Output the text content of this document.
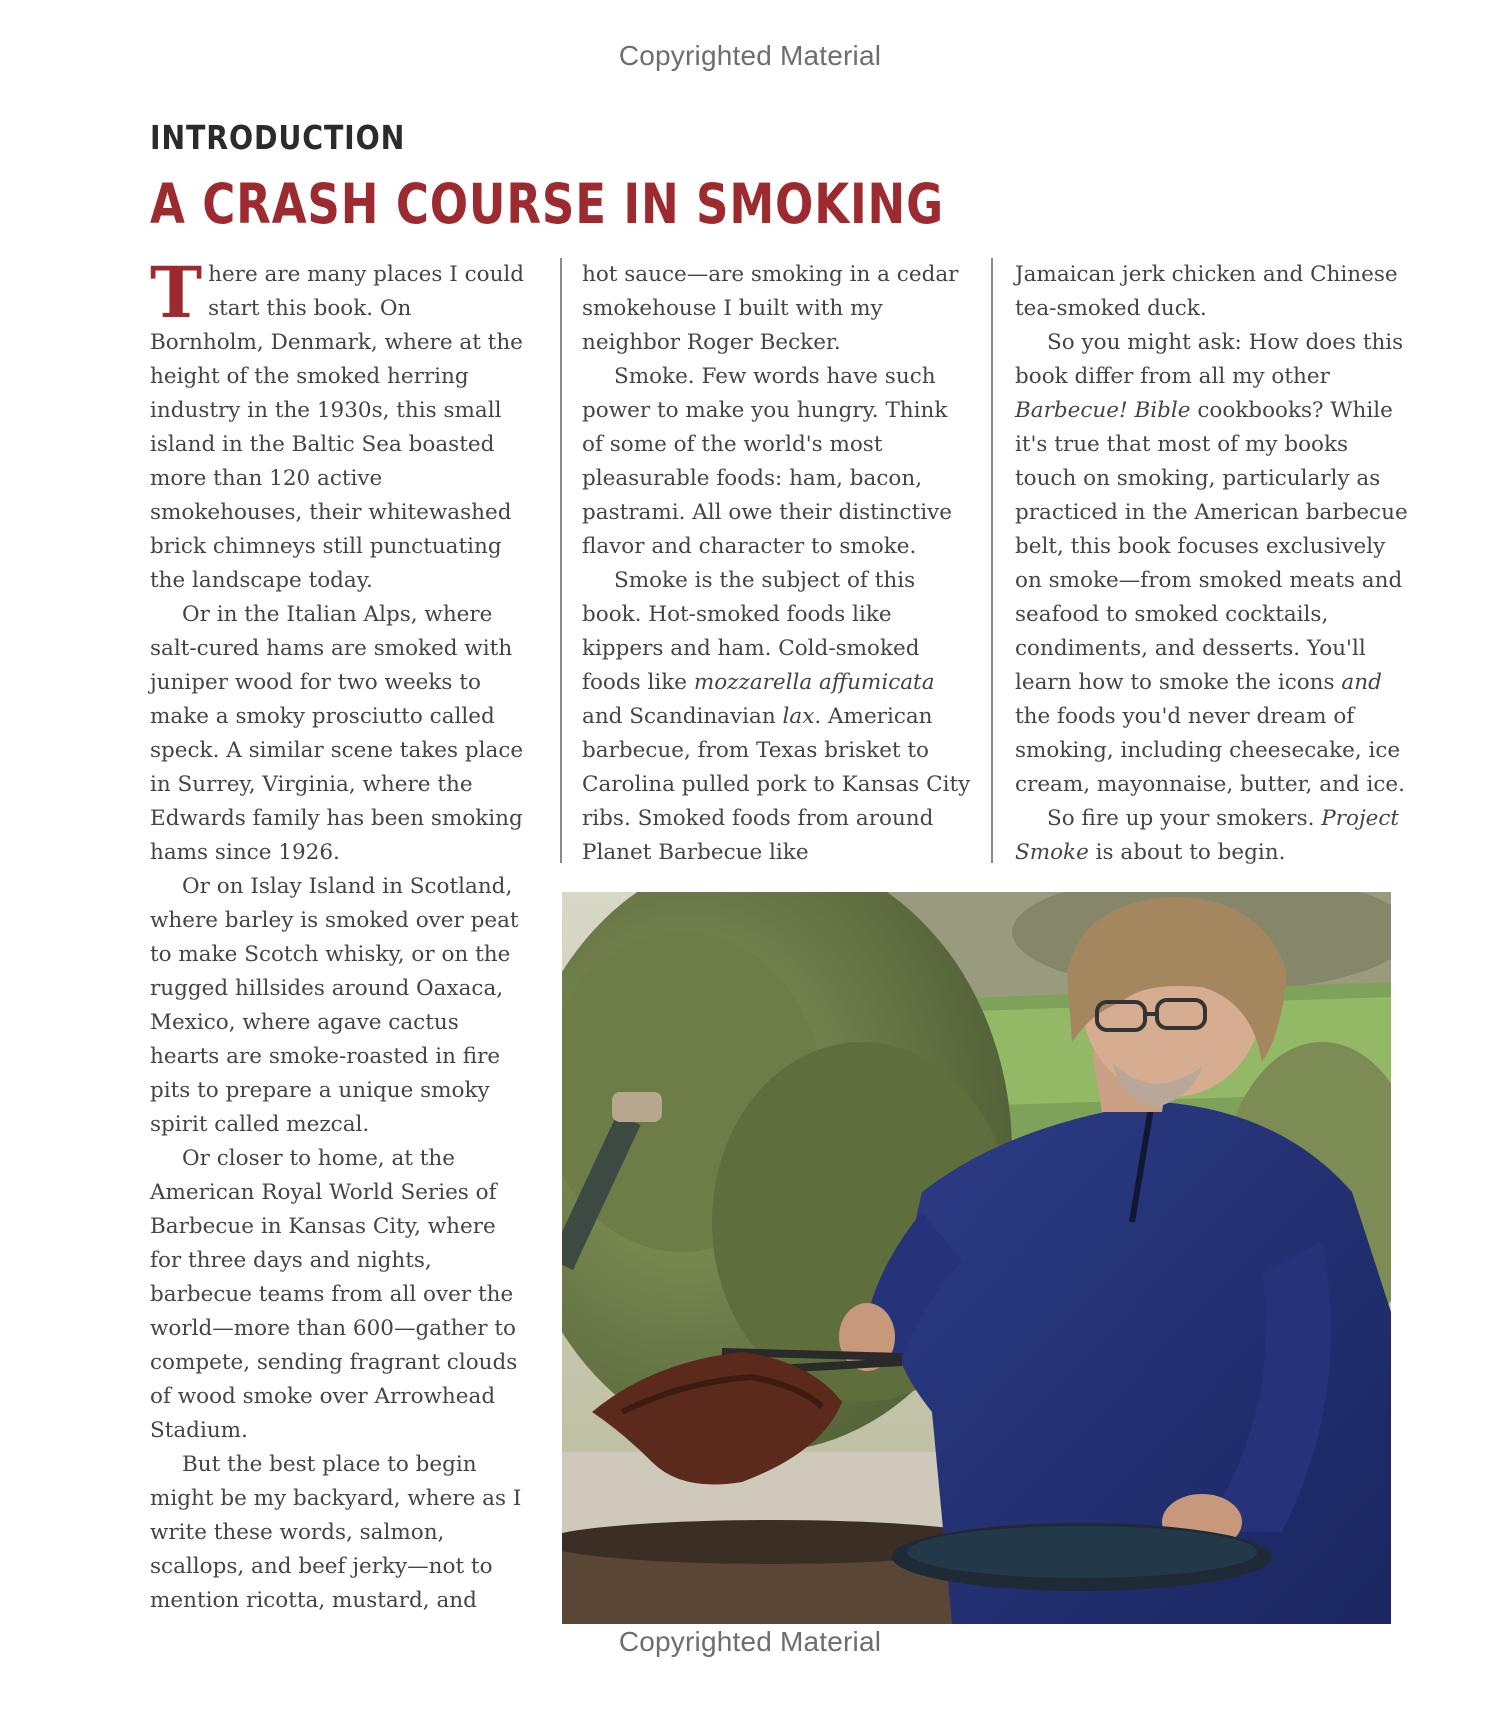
Copyrighted Material
INTRODUCTION
A CRASH COURSE IN SMOKING

There are many places I could start this book. On Bornholm, Denmark, where at the height of the smoked herring industry in the 1930s, this small island in the Baltic Sea boasted more than 120 active smokehouses, their whitewashed brick chimneys still punctuating the landscape today.

Or in the Italian Alps, where salt-cured hams are smoked with juniper wood for two weeks to make a smoky prosciutto called speck. A similar scene takes place in Surrey, Virginia, where the Edwards family has been smoking hams since 1926.

Or on Islay Island in Scotland, where barley is smoked over peat to make Scotch whisky, or on the rugged hillsides around Oaxaca, Mexico, where agave cactus hearts are smoke-roasted in fire pits to prepare a unique smoky spirit called mezcal.

Or closer to home, at the American Royal World Series of Barbecue in Kansas City, where for three days and nights, barbecue teams from all over the world—more than 600—gather to compete, sending fragrant clouds of wood smoke over Arrowhead Stadium.

But the best place to begin might be my backyard, where as I write these words, salmon, scallops, and beef jerky—not to mention ricotta, mustard, and

hot sauce—are smoking in a cedar smokehouse I built with my neighbor Roger Becker.

Smoke. Few words have such power to make you hungry. Think of some of the world's most pleasurable foods: ham, bacon, pastrami. All owe their distinctive flavor and character to smoke.

Smoke is the subject of this book. Hot-smoked foods like kippers and ham. Cold-smoked foods like mozzarella affumicata and Scandinavian lax. American barbecue, from Texas brisket to Carolina pulled pork to Kansas City ribs. Smoked foods from around Planet Barbecue like

Jamaican jerk chicken and Chinese tea-smoked duck.

So you might ask: How does this book differ from all my other Barbecue! Bible cookbooks? While it's true that most of my books touch on smoking, particularly as practiced in the American barbecue belt, this book focuses exclusively on smoke—from smoked meats and seafood to smoked cocktails, condiments, and desserts. You'll learn how to smoke the icons and the foods you'd never dream of smoking, including cheesecake, ice cream, mayonnaise, butter, and ice.

So fire up your smokers. Project Smoke is about to begin.

Copyrighted Material
